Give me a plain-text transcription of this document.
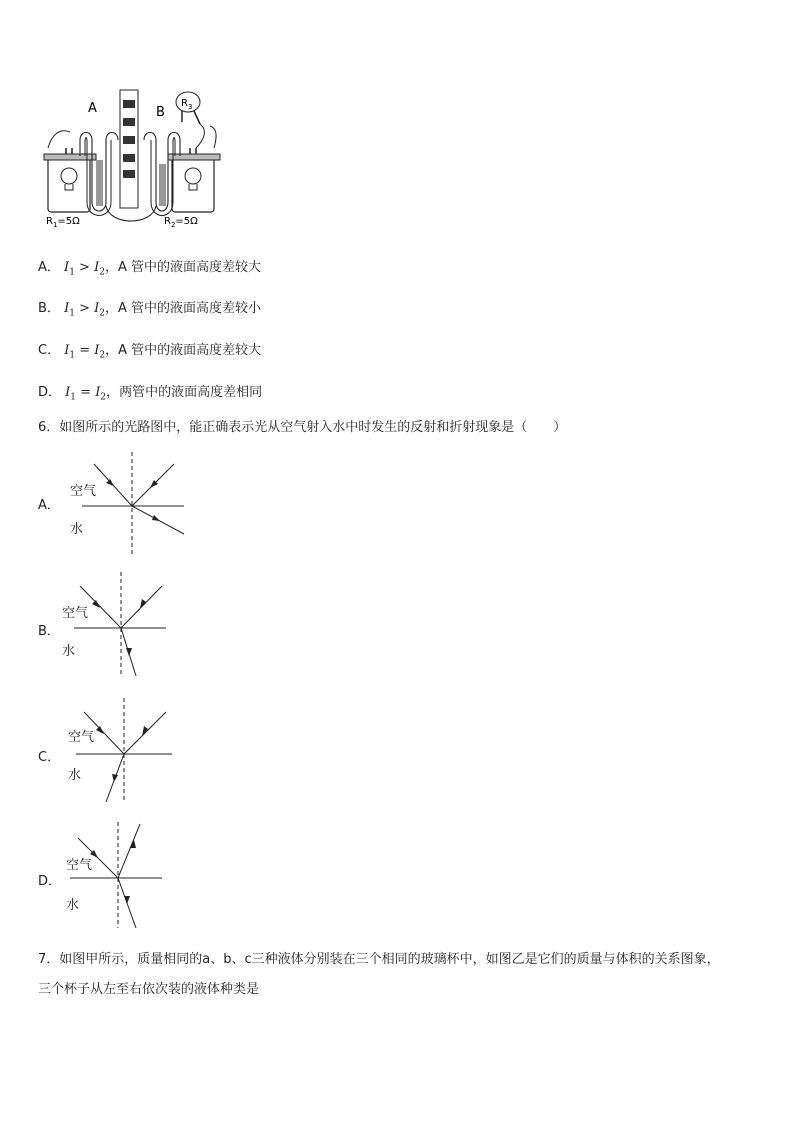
A	B
$R_3$
$R_1=5\Omega$	$R_2=5\Omega$
A． $I_1 > I_2$，A 管中的液面高度差较大
B． $I_1 > I_2$，A 管中的液面高度差较小
C． $I_1 = I_2$，A 管中的液面高度差较大
D． $I_1 = I_2$，两管中的液面高度差相同
6．如图所示的光路图中，能正确表示光从空气射入水中时发生的反射和折射现象是（　　）
A．
空气
水
B．
空气
水
C．
空气
水
D．
空气
水
7．如图甲所示，质量相同的a、b、c三种液体分别装在三个相同的玻璃杯中，如图乙是它们的质量与体积的关系图象，
三个杯子从左至右依次装的液体种类是
